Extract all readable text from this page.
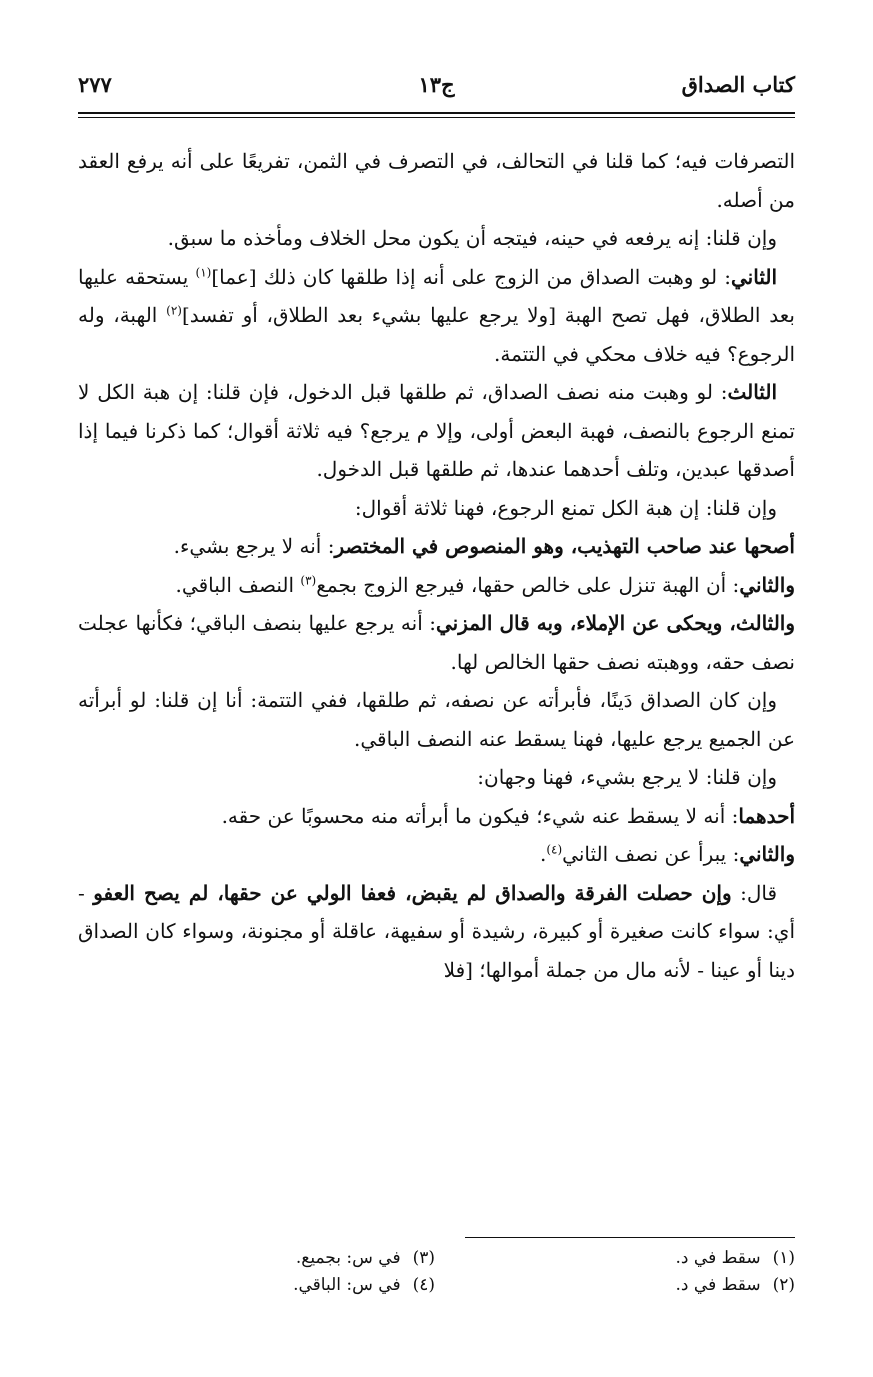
كتاب الصداق
ج١٣
٢٧٧

التصرفات فيه؛ كما قلنا في التحالف، في التصرف في الثمن، تفريعًا على أنه يرفع العقد من أصله.

وإن قلنا: إنه يرفعه في حينه، فيتجه أن يكون محل الخلاف ومأخذه ما سبق.

الثاني: لو وهبت الصداق من الزوج على أنه إذا طلقها كان ذلك [عما]$^{(١)}$ يستحقه عليها بعد الطلاق، فهل تصح الهبة [ولا يرجع عليها بشيء بعد الطلاق، أو تفسد]$^{(٢)}$ الهبة، وله الرجوع؟ فيه خلاف محكي في التتمة.

الثالث: لو وهبت منه نصف الصداق، ثم طلقها قبل الدخول، فإن قلنا: إن هبة الكل لا تمنع الرجوع بالنصف، فهبة البعض أولى، وإلا م يرجع؟ فيه ثلاثة أقوال؛ كما ذكرنا فيما إذا أصدقها عبدين، وتلف أحدهما عندها، ثم طلقها قبل الدخول.

وإن قلنا: إن هبة الكل تمنع الرجوع، فهنا ثلاثة أقوال:

أصحها عند صاحب التهذيب، وهو المنصوص في المختصر: أنه لا يرجع بشيء.

والثاني: أن الهبة تنزل على خالص حقها، فيرجع الزوج بجمع$^{(٣)}$ النصف الباقي.

والثالث، ويحكى عن الإملاء، وبه قال المزني: أنه يرجع عليها بنصف الباقي؛ فكأنها عجلت نصف حقه، ووهبته نصف حقها الخالص لها.

وإن كان الصداق دَينًا، فأبرأته عن نصفه، ثم طلقها، ففي التتمة: أنا إن قلنا: لو أبرأته عن الجميع يرجع عليها، فهنا يسقط عنه النصف الباقي.

وإن قلنا: لا يرجع بشيء، فهنا وجهان:

أحدهما: أنه لا يسقط عنه شيء؛ فيكون ما أبرأته منه محسوبًا عن حقه.

والثاني: يبرأ عن نصف الثاني$^{(٤)}$.

قال: وإن حصلت الفرقة والصداق لم يقبض، فعفا الولي عن حقها، لم يصح العفو - أي: سواء كانت صغيرة أو كبيرة، رشيدة أو سفيهة، عاقلة أو مجنونة، وسواء كان الصداق دينا أو عينا - لأنه مال من جملة أموالها؛ [فلا

(١)سقط في د.
(٢)سقط في د.
(٣)في س: بجميع.
(٤)في س: الباقي.
